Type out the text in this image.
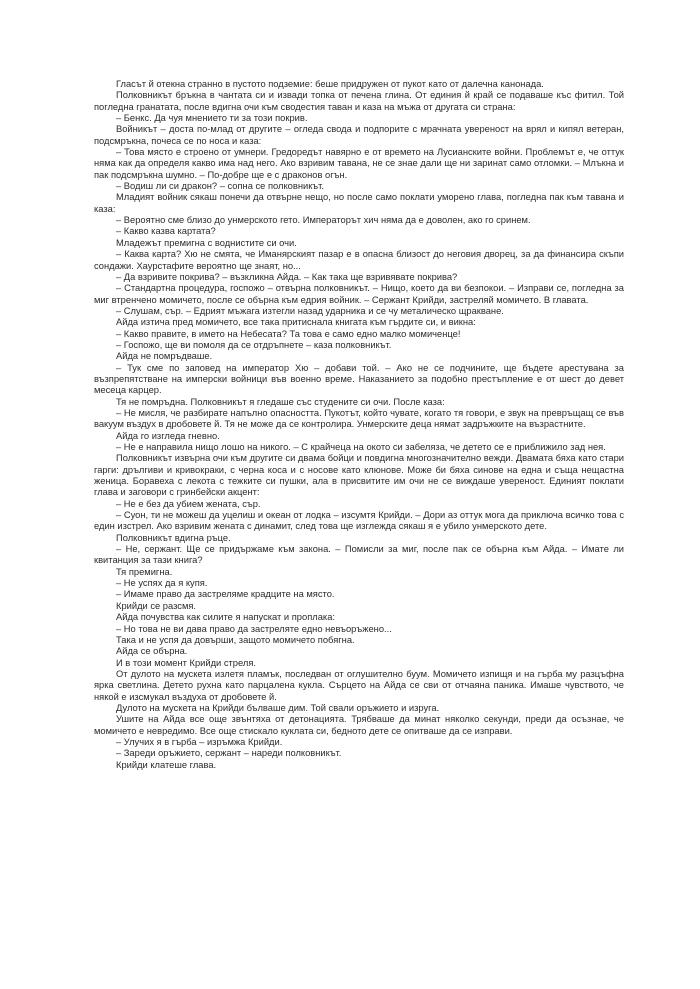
Гласът й отекна странно в пустото подземие: беше придружен от пукот като от далечна канонада.

Полковникът бръкна в чантата си и извади топка от печена глина. От единия й край се подаваше къс фитил. Той погледна гранатата, после вдигна очи към сводестия таван и каза на мъжа от другата си страна:

– Бенкс. Да чуя мнението ти за този покрив.

Войникът – доста по-млад от другите – огледа свода и подпорите с мрачната увереност на врял и кипял ветеран, подсмръкна, почеса се по носа и каза:

– Това място е строено от умнери. Гредоредът навярно е от времето на Лусианските войни. Проблемът е, че оттук няма как да определя какво има над него. Ако взривим тавана, не се знае дали ще ни заринат само отломки. – Млъкна и пак подсмръкна шумно. – По-добре ще е с драконов огън.

– Водиш ли си дракон? – сопна се полковникът.

Младият войник сякаш понечи да отвърне нещо, но после само поклати уморено глава, погледна пак към тавана и каза:

– Вероятно сме близо до унмерското гето. Императорът хич няма да е доволен, ако го сринем.

– Какво казва картата?

Младежът премигна с воднистите си очи.

– Каква карта? Хю не смята, че Иманярският пазар е в опасна близост до неговия дворец, за да финансира скъпи сондажи. Хаурстафите вероятно ще знаят, но...

– Да взривите покрива? – възкликна Айда. – Как така ще взривявате покрива?

– Стандартна процедура, госпожо – отвърна полковникът. – Нищо, което да ви безпокои. – Изправи се, погледна за миг втренчено момичето, после се обърна към едрия войник. – Сержант Крийди, застреляй момичето. В главата.

– Слушам, сър. – Едрият мъжага изтегли назад ударника и се чу металическо щракване.

Айда изтича пред момичето, все така притиснала книгата към гърдите си, и викна:

– Какво правите, в името на Небесата? Та това е само едно малко момиченце!

– Госпожо, ще ви помоля да се отдръпнете – каза полковникът.

Айда не помръдваше.

– Тук сме по заповед на император Хю – добави той. – Ако не се подчините, ще бъдете арестувана за възпрепятстване на имперски войници във военно време. Наказанието за подобно престъпление е от шест до девет месеца карцер.

Тя не помръдна. Полковникът я гледаше със студените си очи. После каза:

– Не мисля, че разбирате напълно опасността. Пукотът, който чувате, когато тя говори, е звук на превръщащ се във вакуум въздух в дробовете й. Тя не може да се контролира. Унмерските деца нямат задръжките на възрастните.

Айда го изгледа гневно.

– Не е направила нищо лошо на никого. – С крайчеца на окото си забеляза, че детето се е приближило зад нея.

Полковникът извърна очи към другите си двама бойци и повдигна многозначително вежди. Двамата бяха като стари гарги: дрългиви и кривокраки, с черна коса и с носове като клюнове. Може би бяха синове на една и съща нещастна женица. Боравеха с лекота с тежките си пушки, ала в присвитите им очи не се виждаше увереност. Единият поклати глава и заговори с гринбейски акцент:

– Не е без да убием жената, сър.

– Суон, ти не можеш да уцелиш и океан от лодка – изсумтя Крийди. – Дори аз оттук мога да приключа всичко това с един изстрел. Ако взривим жената с динамит, след това ще изглежда сякаш я е убило унмерското дете.

Полковникът вдигна ръце.

– Не, сержант. Ще се придържаме към закона. – Помисли за миг, после пак се обърна към Айда. – Имате ли квитанция за тази книга?

Тя премигна.

– Не успях да я купя.

– Имаме право да застреляме крадците на място.

Крийди се разсмя.

Айда почувства как силите я напускат и проплака:

– Но това не ви дава право да застреляте едно невъоръжено...

Така и не успя да довърши, защото момичето побягна.

Айда се обърна.

И в този момент Крийди стреля.

От дулото на мускета излетя пламък, последван от оглушително буум. Момичето изпищя и на гърба му разцъфна ярка светлина. Детето рухна като парцалена кукла. Сърцето на Айда се сви от отчаяна паника. Имаше чувството, че някой е изсмукал въздуха от дробовете й.

Дулото на мускета на Крийди бълваше дим. Той свали оръжието и изруга.

Ушите на Айда все още звънтяха от детонацията. Трябваше да минат няколко секунди, преди да осъзнае, че момичето е невредимо. Все още стискало куклата си, бедното дете се опитваше да се изправи.

– Улучих я в гърба – изръмжа Крийди.

– Зареди оръжието, сержант – нареди полковникът.

Крийди клатеше глава.
